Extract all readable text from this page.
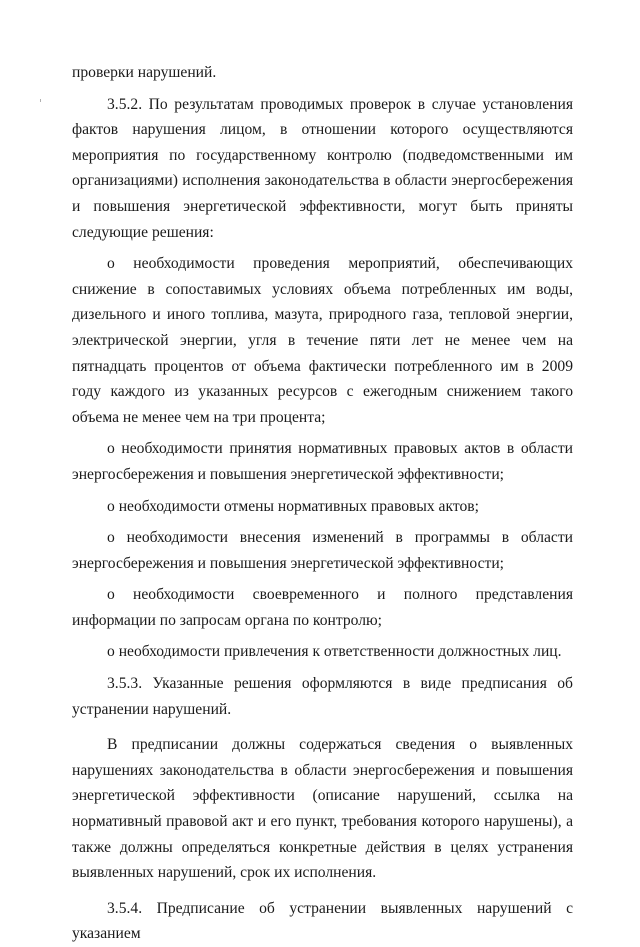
проверки нарушений.

3.5.2. По результатам проводимых проверок в случае установления фактов нарушения лицом, в отношении которого осуществляются мероприятия по государственному контролю (подведомственными им организациями) исполнения законодательства в области энергосбережения и повышения энергетической эффективности, могут быть приняты следующие решения:

о необходимости проведения мероприятий, обеспечивающих снижение в сопоставимых условиях объема потребленных им воды, дизельного и иного топлива, мазута, природного газа, тепловой энергии, электрической энергии, угля в течение пяти лет не менее чем на пятнадцать процентов от объема фактически потребленного им в 2009 году каждого из указанных ресурсов с ежегодным снижением такого объема не менее чем на три процента;

о необходимости принятия нормативных правовых актов в области энергосбережения и повышения энергетической эффективности;

о необходимости отмены нормативных правовых актов;

о необходимости внесения изменений в программы в области энергосбережения и повышения энергетической эффективности;

о необходимости своевременного и полного представления информации по запросам органа по контролю;

о необходимости привлечения к ответственности должностных лиц.

3.5.3. Указанные решения оформляются в виде предписания об устранении нарушений.

В предписании должны содержаться сведения о выявленных нарушениях законодательства в области энергосбережения и повышения энергетической эффективности (описание нарушений, ссылка на нормативный правовой акт и его пункт, требования которого нарушены), а также должны определяться конкретные действия в целях устранения выявленных нарушений, срок их исполнения.

3.5.4. Предписание об устранении выявленных нарушений с указанием
